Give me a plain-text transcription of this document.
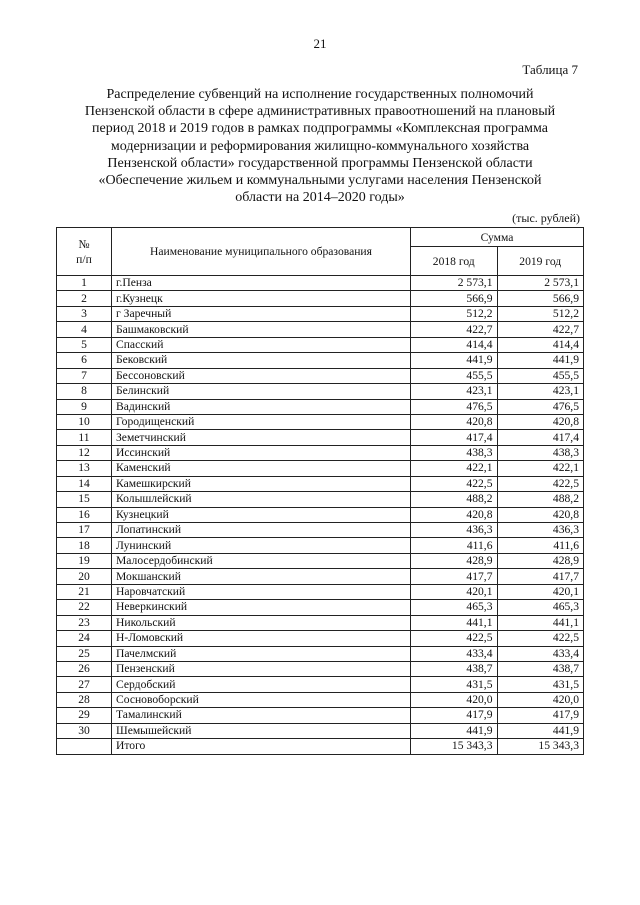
21
Таблица 7
Распределение субвенций на исполнение государственных полномочий
Пензенской области в сфере административных правоотношений на плановый
период 2018 и 2019 годов в рамках подпрограммы «Комплексная программа
модернизации и реформирования жилищно-коммунального хозяйства
Пензенской области» государственной программы Пензенской области
«Обеспечение жильем и коммунальными услугами населения Пензенской
области на 2014–2020 годы»
(тыс. рублей)
№
п/п	Наименование муниципального образования	Сумма	
		2018 год	2019 год
1	г.Пенза	2 573,1	2 573,1
2	г.Кузнецк	566,9	566,9
3	г Заречный	512,2	512,2
4	Башмаковский	422,7	422,7
5	Спасский	414,4	414,4
6	Бековский	441,9	441,9
7	Бессоновский	455,5	455,5
8	Белинский	423,1	423,1
9	Вадинский	476,5	476,5
10	Городищенский	420,8	420,8
11	Земетчинский	417,4	417,4
12	Иссинский	438,3	438,3
13	Каменский	422,1	422,1
14	Камешкирский	422,5	422,5
15	Колышлейский	488,2	488,2
16	Кузнецкий	420,8	420,8
17	Лопатинский	436,3	436,3
18	Лунинский	411,6	411,6
19	Малосердобинский	428,9	428,9
20	Мокшанский	417,7	417,7
21	Наровчатский	420,1	420,1
22	Неверкинский	465,3	465,3
23	Никольский	441,1	441,1
24	Н-Ломовский	422,5	422,5
25	Пачелмский	433,4	433,4
26	Пензенский	438,7	438,7
27	Сердобский	431,5	431,5
28	Сосновоборский	420,0	420,0
29	Тамалинский	417,9	417,9
30	Шемышейский	441,9	441,9
	Итого	15 343,3	15 343,3
